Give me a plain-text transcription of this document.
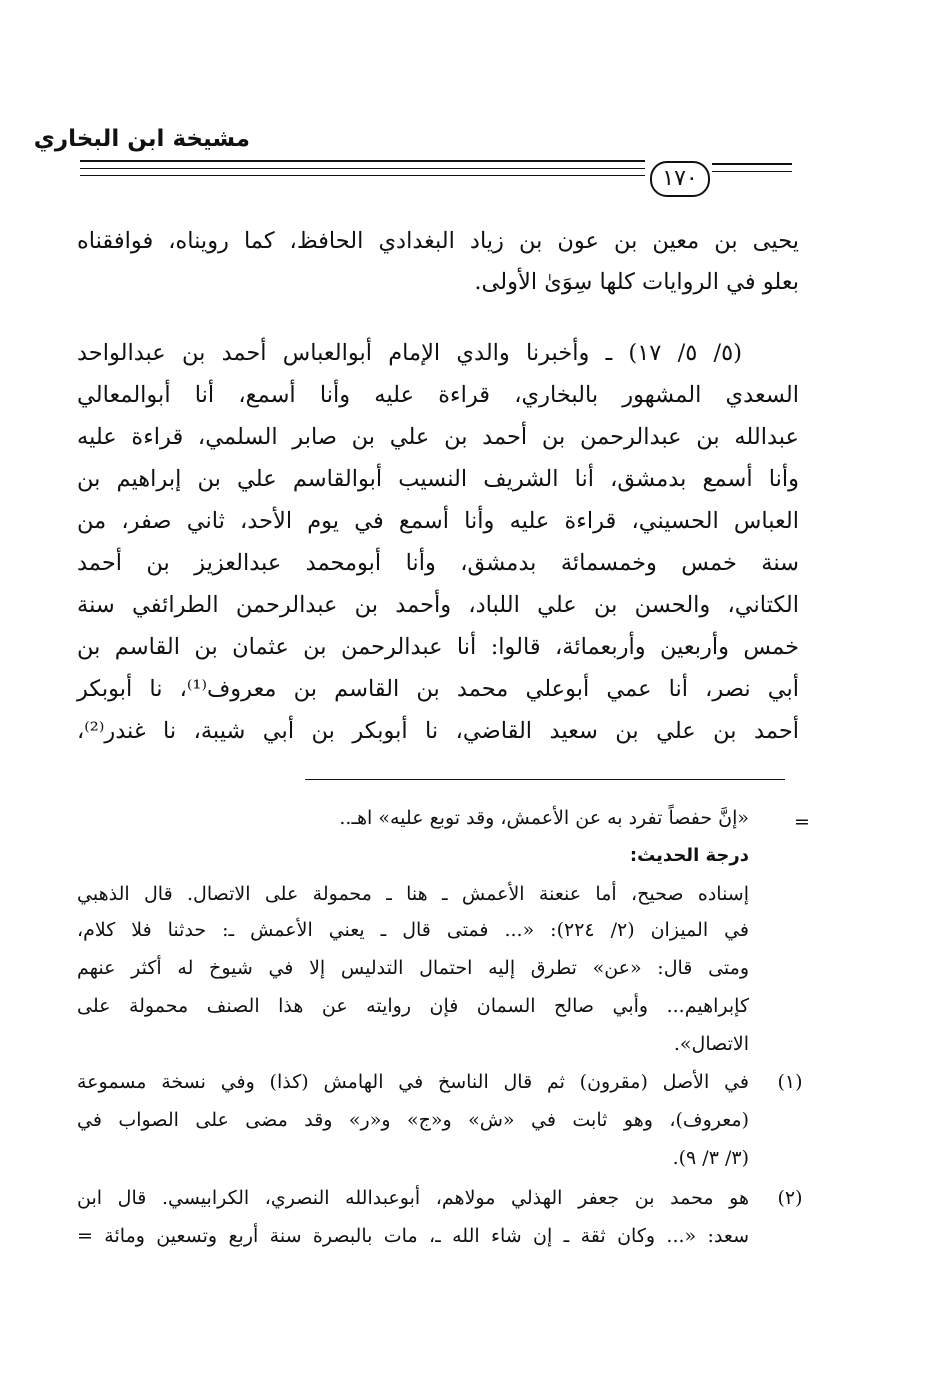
مشيخة ابن البخاري
١٧٠
يحيى بن معين بن عون بن زياد البغدادي الحافظ، كما رويناه، فوافقناه
بعلو في الروايات كلها سِوَىٰ الأولى.
(٥/ ٥/ ١٧) ـ وأخبرنا والدي الإمام أبوالعباس أحمد بن عبدالواحد
السعدي المشهور بالبخاري، قراءة عليه وأنا أسمع، أنا أبوالمعالي
عبدالله بن عبدالرحمن بن أحمد بن علي بن صابر السلمي، قراءة عليه
وأنا أسمع بدمشق، أنا الشريف النسيب أبوالقاسم علي بن إبراهيم بن
العباس الحسيني، قراءة عليه وأنا أسمع في يوم الأحد، ثاني صفر، من
سنة خمس وخمسمائة بدمشق، وأنا أبومحمد عبدالعزيز بن أحمد
الكتاني، والحسن بن علي اللباد، وأحمد بن عبدالرحمن الطرائفي سنة
خمس وأربعين وأربعمائة، قالوا: أنا عبدالرحمن بن عثمان بن القاسم بن
أبي نصر، أنا عمي أبوعلي محمد بن القاسم بن معروف⁽¹⁾، نا أبوبكر
أحمد بن علي بن سعيد القاضي، نا أبوبكر بن أبي شيبة، نا غندر⁽²⁾،
=
«إنَّ حفصاً تفرد به عن الأعمش، وقد توبع عليه» اهـ..
درجة الحديث:
إسناده صحيح، أما عنعنة الأعمش ـ هنا ـ محمولة على الاتصال. قال الذهبي
في الميزان (٢/ ٢٢٤): «... فمتى قال ـ يعني الأعمش ـ: حدثنا فلا كلام،
ومتى قال: «عن» تطرق إليه احتمال التدليس إلا في شيوخ له أكثر عنهم
كإبراهيم... وأبي صالح السمان فإن روايته عن هذا الصنف محمولة على
الاتصال».
(١)
في الأصل (مقرون) ثم قال الناسخ في الهامش (كذا) وفي نسخة مسموعة
(معروف)، وهو ثابت في «ش» و«ج» و«ر» وقد مضى على الصواب في
(٣/ ٣/ ٩).
(٢)
هو محمد بن جعفر الهذلي مولاهم، أبوعبدالله النصري، الكرابيسي. قال ابن
سعد: «... وكان ثقة ـ إن شاء الله ـ، مات بالبصرة سنة أربع وتسعين ومائة =
